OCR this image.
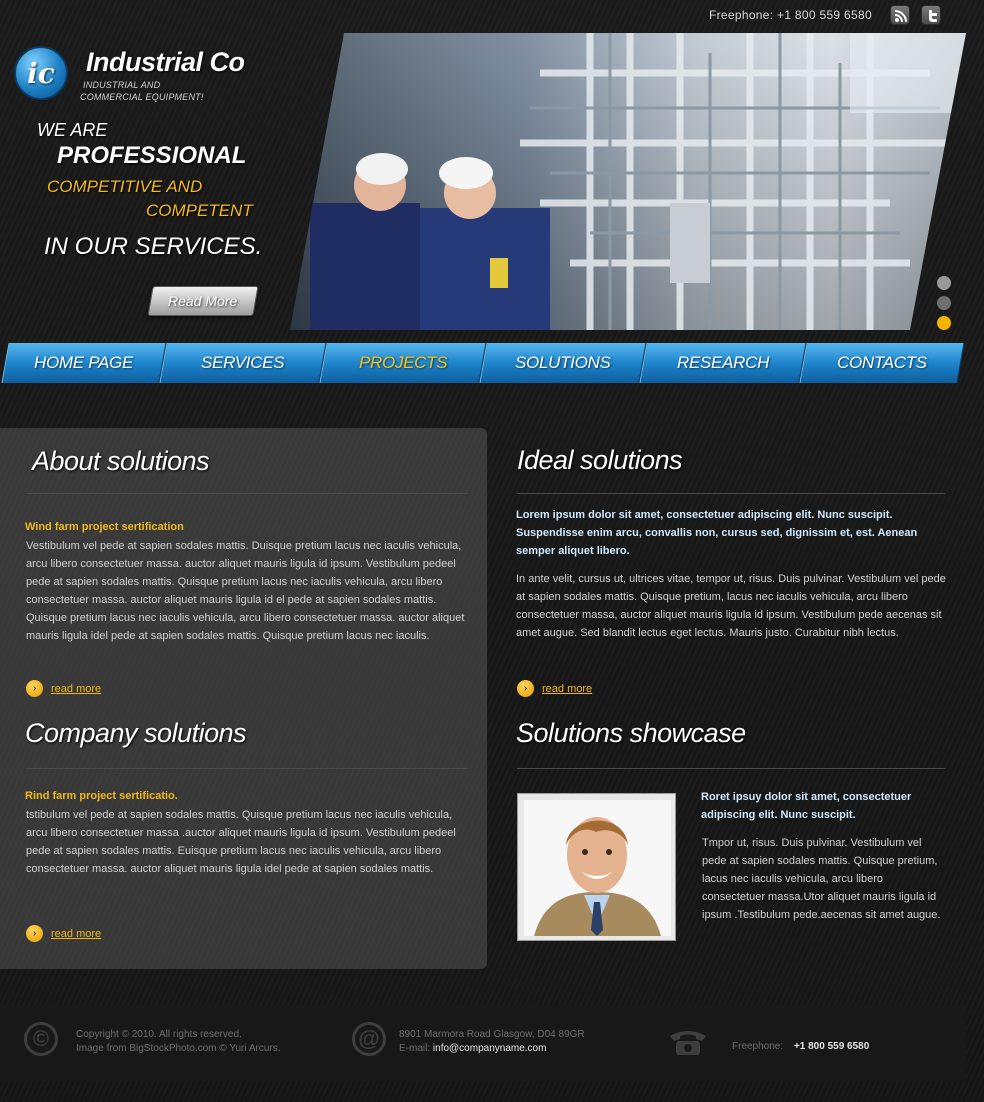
Freephone: +1 800 559 6580
ic	Industrial Co
INDUSTRIAL AND
COMMERCIAL EQUIPMENT!
WE ARE
PROFESSIONAL
COMPETITIVE AND
COMPETENT
IN OUR SERVICES.
Read More
HOME PAGE	SERVICES	PROJECTS	SOLUTIONS	RESEARCH	CONTACTS
About solutions
Wind farm project sertification
Vestibulum vel pede at sapien sodales mattis. Duisque pretium lacus nec iaculis vehicula, arcu libero consectetuer massa. auctor aliquet mauris ligula id ipsum. Vestibulum pedeel pede at sapien sodales mattis. Quisque pretium lacus nec iaculis vehicula, arcu libero consectetuer massa. auctor aliquet mauris ligula id el pede at sapien sodales mattis. Quisque pretium lacus nec iaculis vehicula, arcu libero consectetuer massa. auctor aliquet mauris ligula idel pede at sapien sodales mattis. Quisque pretium lacus nec iaculis.
›	read more
Company solutions
Rind farm project sertificatio.
tstibulum vel pede at sapien sodales mattis. Quisque pretium lacus nec iaculis vehicula, arcu libero consectetuer massa .auctor aliquet mauris ligula id ipsum. Vestibulum pedeel pede at sapien sodales mattis. Euisque pretium lacus nec iaculis vehicula, arcu libero consectetuer massa. auctor aliquet mauris ligula idel pede at sapien sodales mattis.
›	read more
Ideal solutions
Lorem ipsum dolor sit amet, consectetuer adipiscing elit. Nunc suscipit. Suspendisse enim arcu, convallis non, cursus sed, dignissim et, est. Aenean semper aliquet libero.
In ante velit, cursus ut, ultrices vitae, tempor ut, risus. Duis pulvinar. Vestibulum vel pede at sapien sodales mattis. Quisque pretium, lacus nec iaculis vehicula, arcu libero consectetuer massa, auctor aliquet mauris ligula id ipsum. Vestibulum pede aecenas sit amet augue. Sed blandit lectus eget lectus. Mauris justo. Curabitur nibh lectus.
›	read more
Solutions showcase
Roret ipsuy dolor sit amet, consectetuer adipiscing elit. Nunc suscipit.
Tmpor ut, risus. Duis pulvinar. Vestibulum vel pede at sapien sodales mattis. Quisque pretium, lacus nec iaculis vehicula, arcu libero consectetuer massa.Utor aliquet mauris ligula id ipsum .Testibulum pede.aecenas sit amet augue.
©	Copyright © 2010. All rights reserved.
Image from BigStockPhoto.com © Yuri Arcurs.	@	8901 Marmora Road Glasgow, D04 89GR
E-mail: info@companyname.com	Freephone: +1 800 559 6580
